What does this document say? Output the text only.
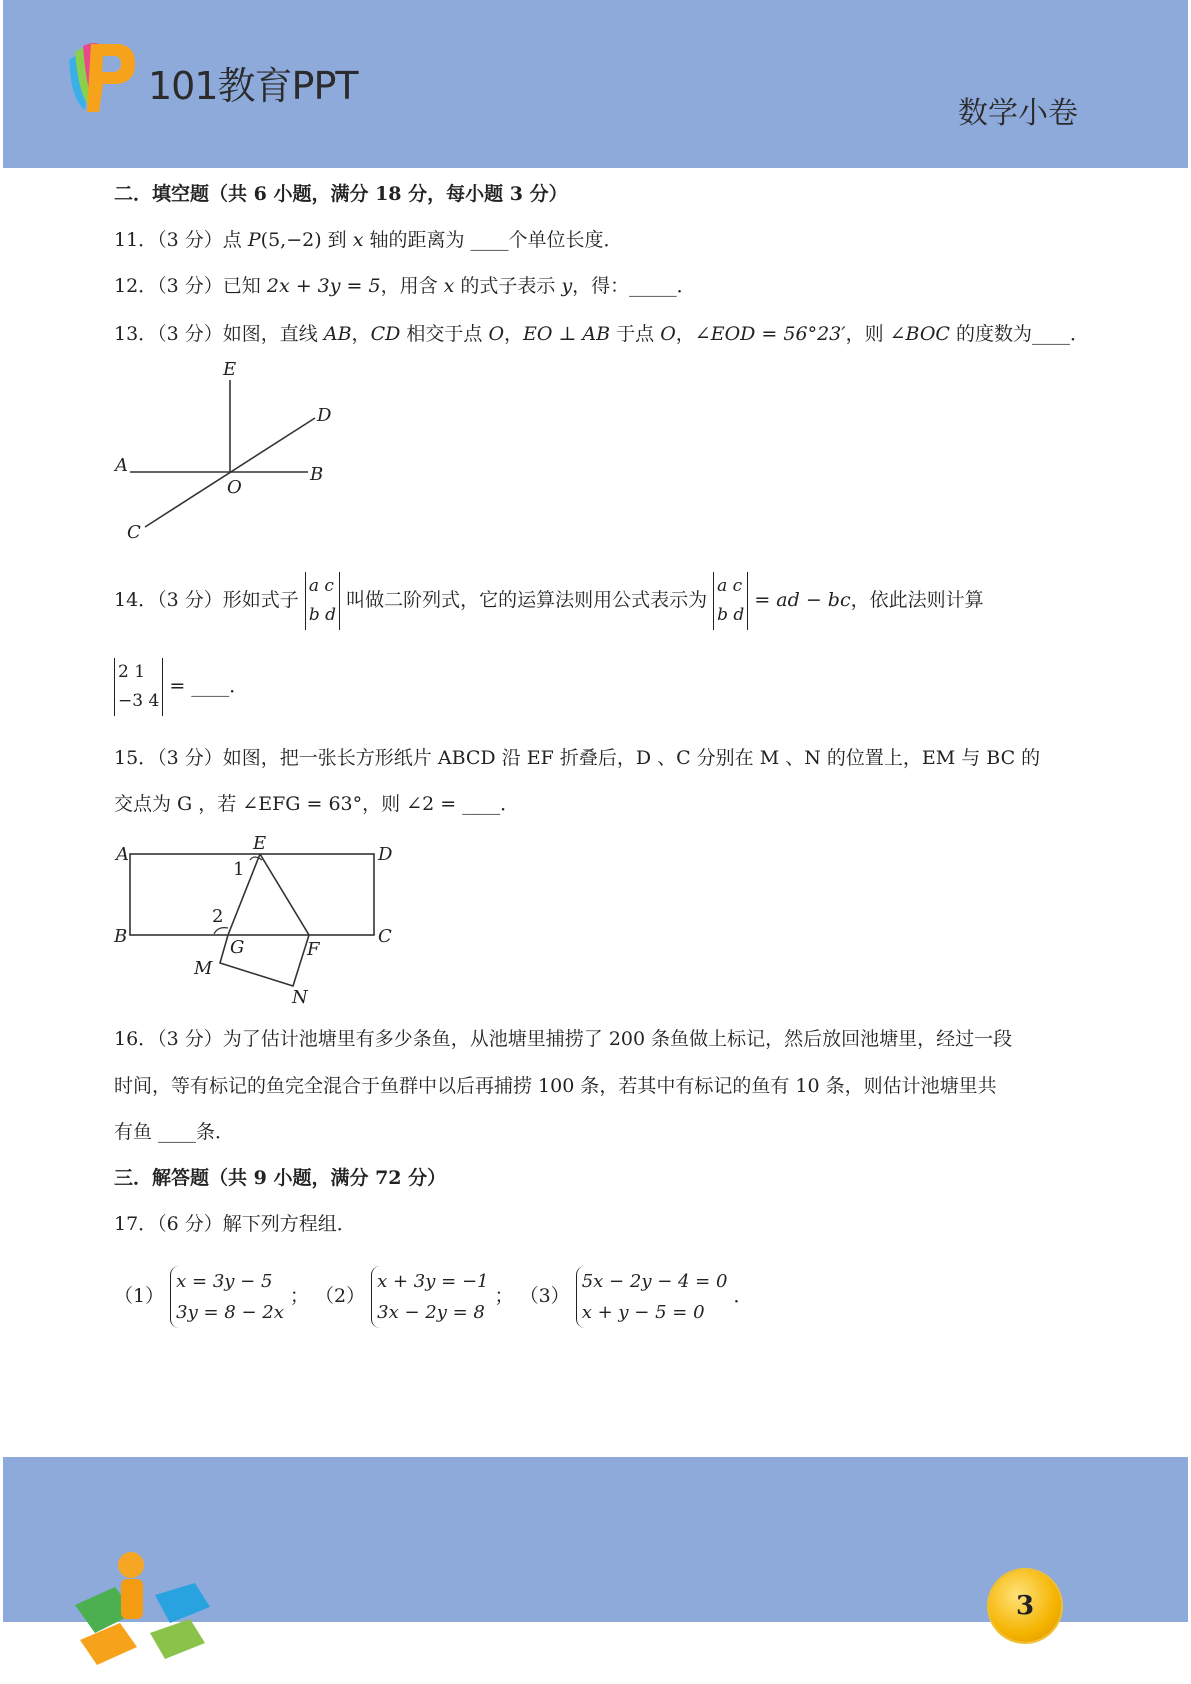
101教育PPT
数学小卷
二．填空题（共 6 小题，满分 18 分，每小题 3 分）
11．（3 分）点 P(5,−2) 到 x 轴的距离为 ____个单位长度．
12．（3 分）已知 2x + 3y = 5，用含 x 的式子表示 y，得：_____．
13．（3 分）如图，直线 AB，CD 相交于点 O，EO ⊥ AB 于点 O，∠EOD = 56°23′，则 ∠BOC 的度数为____．
E
D
A
O
B
C
14．（3 分）形如式子 a c
b d 叫做二阶列式，它的运算法则用公式表示为 a c
b d = ad − bc，依此法则计算
2 1
−3 4 = ____．
15．（3 分）如图，把一张长方形纸片 ABCD 沿 EF 折叠后，D 、C 分别在 M 、N 的位置上，EM 与 BC 的
交点为 G ，若 ∠EFG = 63°，则 ∠2 = ____．
A
E
D
1
2
B
G	F
C
M
N
16．（3 分）为了估计池塘里有多少条鱼，从池塘里捕捞了 200 条鱼做上标记，然后放回池塘里，经过一段
时间，等有标记的鱼完全混合于鱼群中以后再捕捞 100 条，若其中有标记的鱼有 10 条，则估计池塘里共
有鱼 ____条．
三．解答题（共 9 小题，满分 72 分）
17．（6 分）解下列方程组．
（1） x = 3y − 5
3y = 8 − 2x ； （2） x + 3y = −1
3x − 2y = 8 ； （3） 5x − 2y − 4 = 0
x + y − 5 = 0 ．
3
